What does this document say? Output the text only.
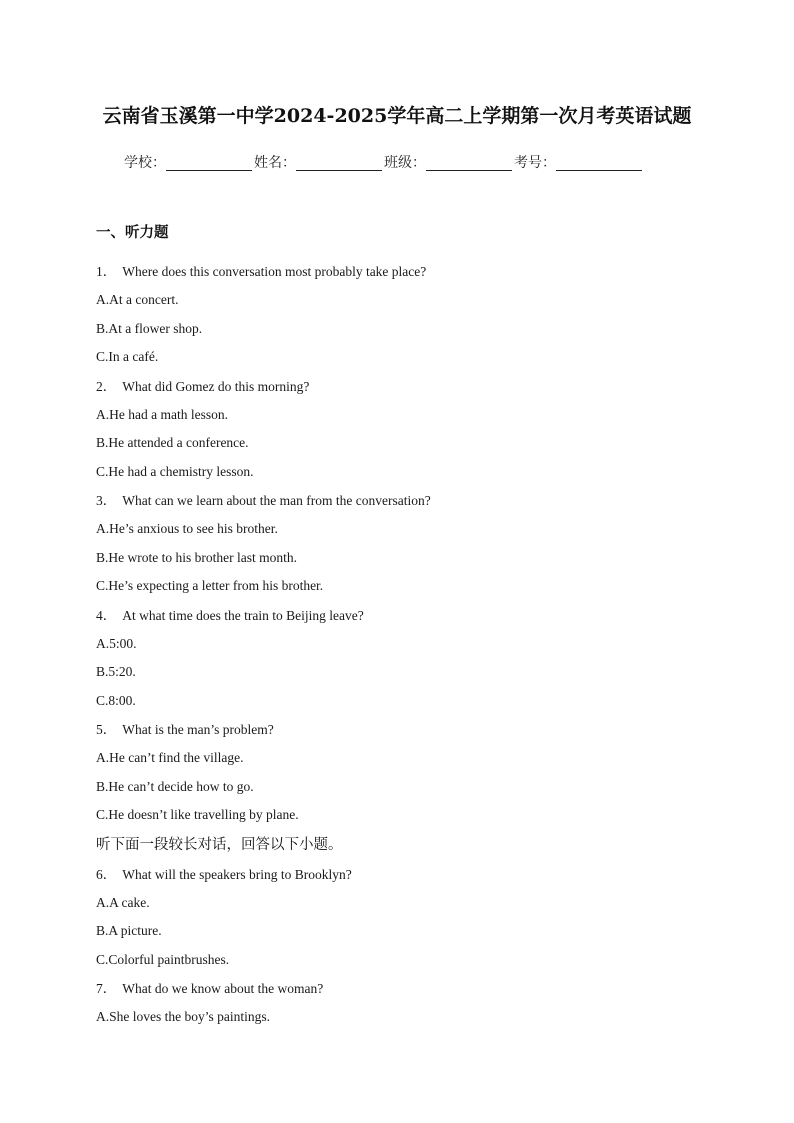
云南省玉溪第一中学2024-2025学年高二上学期第一次月考英语试题
学校：	姓名：	班级：	考号：
一、听力题
1． Where does this conversation most probably take place?
A.At a concert.
B.At a flower shop.
C.In a café.
2． What did Gomez do this morning?
A.He had a math lesson.
B.He attended a conference.
C.He had a chemistry lesson.
3． What can we learn about the man from the conversation?
A.He’s anxious to see his brother.
B.He wrote to his brother last month.
C.He’s expecting a letter from his brother.
4． At what time does the train to Beijing leave?
A.5:00.
B.5:20.
C.8:00.
5． What is the man’s problem?
A.He can’t find the village.
B.He can’t decide how to go.
C.He doesn’t like travelling by plane.
听下面一段较长对话，回答以下小题。
6． What will the speakers bring to Brooklyn?
A.A cake.
B.A picture.
C.Colorful paintbrushes.
7． What do we know about the woman?
A.She loves the boy’s paintings.
